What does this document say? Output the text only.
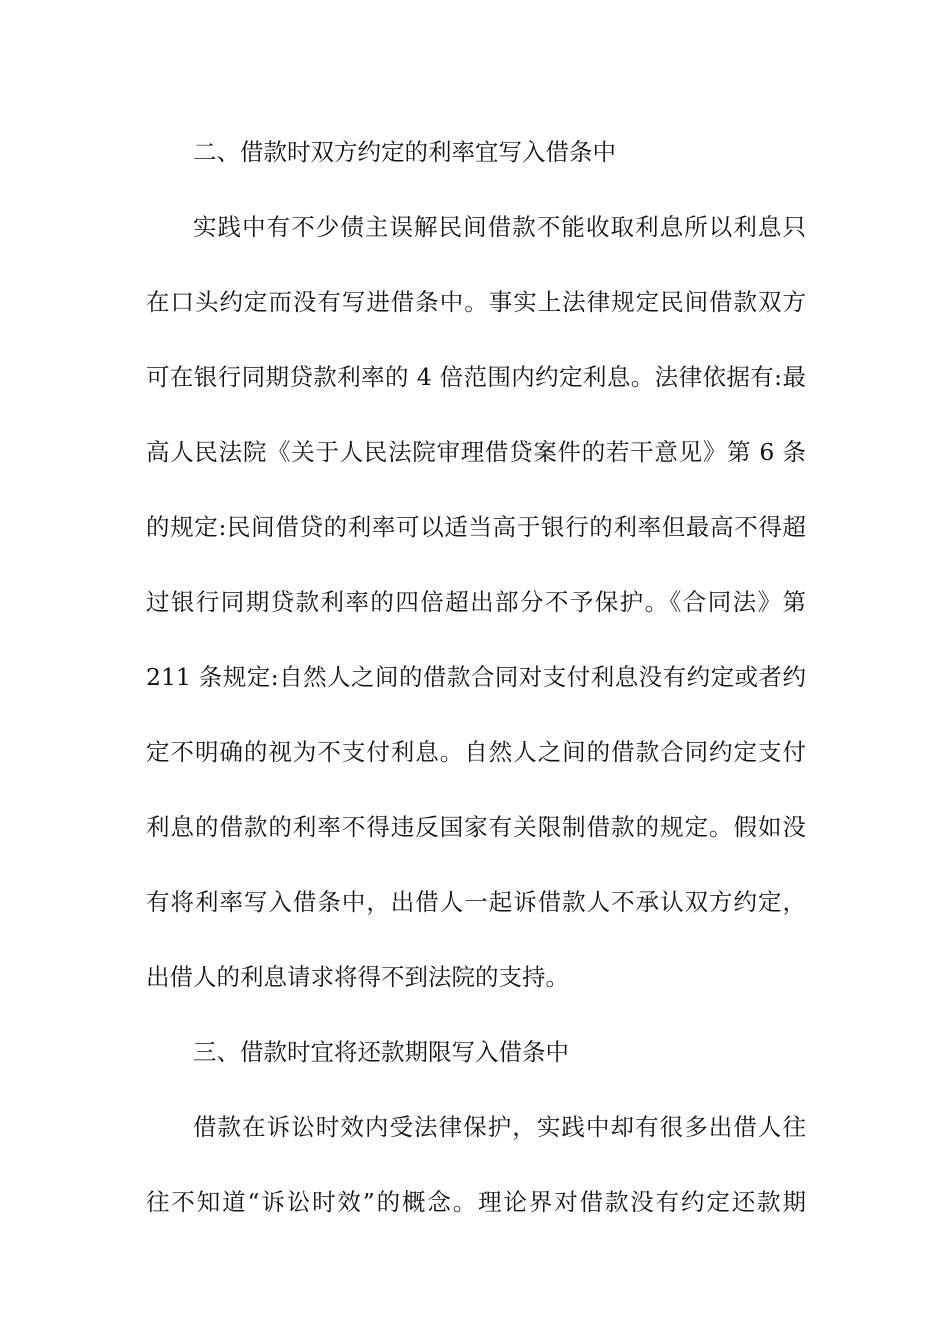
二、借款时双方约定的利率宜写入借条中
实践中有不少债主误解民间借款不能收取利息所以利息只
在口头约定而没有写进借条中。事实上法律规定民间借款双方
可在银行同期贷款利率的 4 倍范围内约定利息。法律依据有:最
高人民法院《关于人民法院审理借贷案件的若干意见》第 6 条
的规定:民间借贷的利率可以适当高于银行的利率但最高不得超
过银行同期贷款利率的四倍超出部分不予保护。《合同法》第
211 条规定:自然人之间的借款合同对支付利息没有约定或者约
定不明确的视为不支付利息。自然人之间的借款合同约定支付
利息的借款的利率不得违反国家有关限制借款的规定。假如没
有将利率写入借条中，出借人一起诉借款人不承认双方约定，
出借人的利息请求将得不到法院的支持。
三、借款时宜将还款期限写入借条中
借款在诉讼时效内受法律保护，实践中却有很多出借人往
往不知道“诉讼时效”的概念。理论界对借款没有约定还款期
